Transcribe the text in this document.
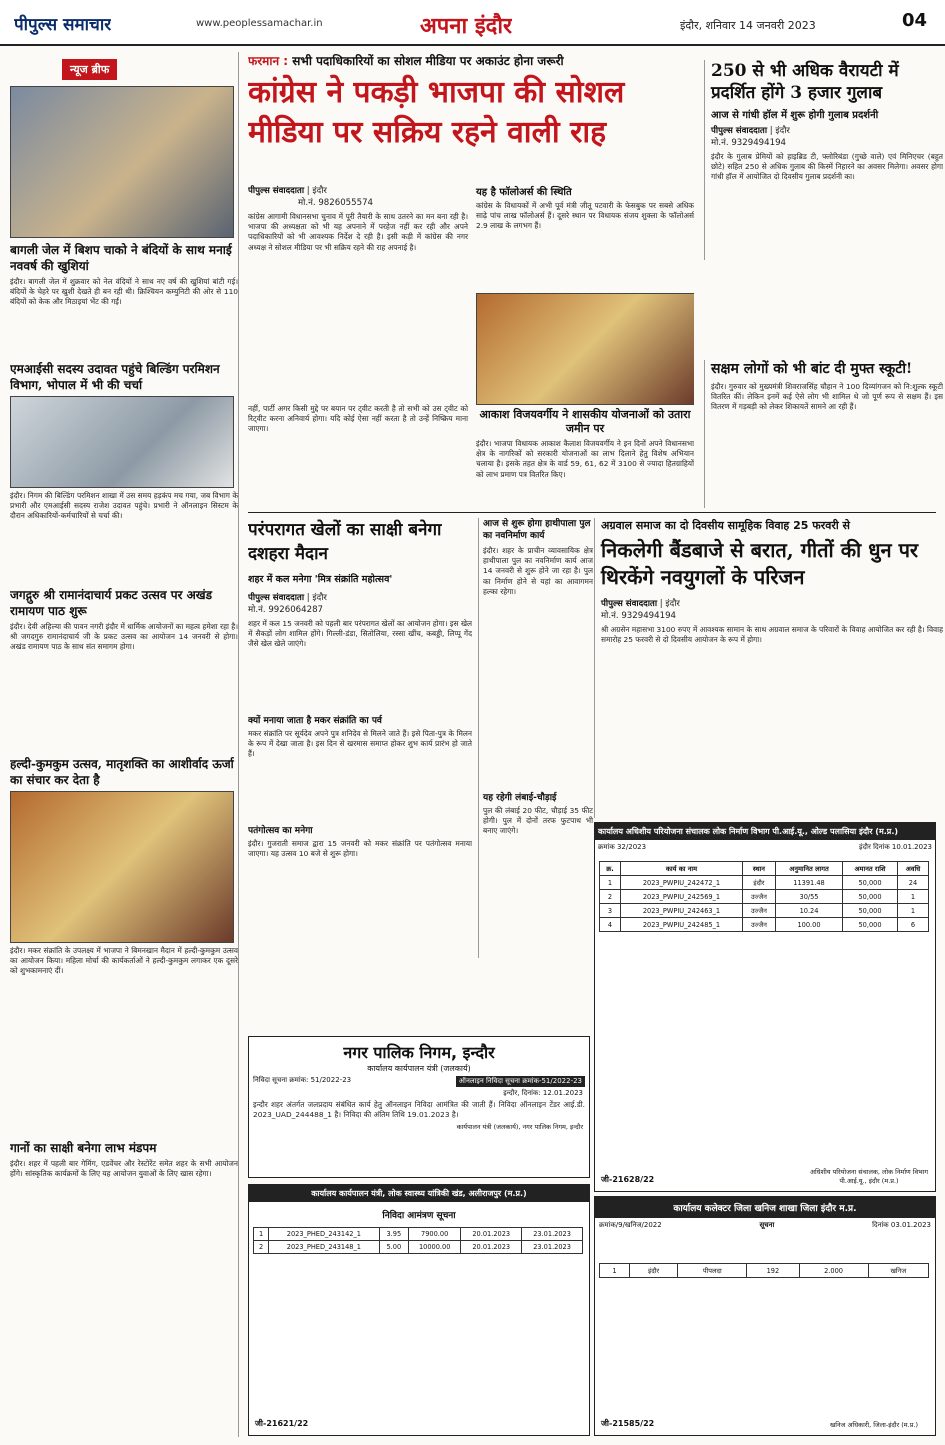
पीपुल्स समाचार	www.peoplessamachar.in	अपना इंदौर	इंदौर, शनिवार 14 जनवरी 2023	04
न्यूज ब्रीफ
बागली जेल में बिशप चाको ने बंदियों के साथ मनाई नववर्ष की खुशियां
इंदौर। बागली जेल में शुक्रवार को नेल वंदियों ने साथ नए वर्ष की खुशियां बांटी गई। बंदियों के चेहरे पर खुशी देखते ही बन रही थी। क्रिश्चियन कम्युनिटी की ओर से 110 बंदियों को केक और मिठाइयां भेंट की गईं।
एमआईसी सदस्य उदावत पहुंचे बिल्डिंग परमिशन विभाग, भोपाल में भी की चर्चा
इंदौर। निगम की बिल्डिंग परमिशन शाखा में उस समय हड़कंप मच गया, जब विभाग के प्रभारी और एमआईसी सदस्य राजेश उदावत पहुंचे। प्रभारी ने ऑनलाइन सिस्टम के दौरान अधिकारियों-कर्मचारियों से चर्चा की।
जगद्गुरु श्री रामानंदाचार्य प्रकट उत्सव पर अखंड रामायण पाठ शुरू
इंदौर। देवी अहिल्या की पावन नगरी इंदौर में धार्मिक आयोजनों का महत्व हमेशा रहा है। श्री जगदगुरु रामानंदाचार्य जी के प्रकट उत्सव का आयोजन 14 जनवरी से होगा। अखंड रामायण पाठ के साथ संत समागम होगा।
हल्दी-कुमकुम उत्सव, मातृशक्ति का आशीर्वाद ऊर्जा का संचार कर देता है
इंदौर। मकर संक्रांति के उपलक्ष्य में भाजपा ने बिमनखान मैदान में हल्दी-कुमकुम उत्सव का आयोजन किया। महिला मोर्चा की कार्यकर्ताओं ने हल्दी-कुमकुम लगाकर एक दूसरे को शुभकामनाएं दीं।
गानों का साक्षी बनेगा लाभ मंडपम
इंदौर। शहर में पहली बार गेमिंग, एडवेंचर और रेस्टोरेंट समेत शहर के सभी आयोजन होंगे। सांस्कृतिक कार्यक्रमों के लिए यह आयोजन युवाओं के लिए खास रहेगा।
फरमान : सभी पदाधिकारियों का सोशल मीडिया पर अकाउंट होना जरूरी
कांग्रेस ने पकड़ी भाजपा की सोशल मीडिया पर सक्रिय रहने वाली राह
पीपुल्स संवाददाता | इंदौर
मो.नं. 9826055574
कांग्रेस आगामी विधानसभा चुनाव में पूरी तैयारी के साथ उतरने का मन बना रही है। भाजपा की अध्यक्षता को भी यह अपनाने में परहेज नहीं कर रही और अपने पदाधिकारियों को भी आवश्यक निर्देश दे रही है। इसी कड़ी में कांग्रेस की नगर अध्यक्ष ने सोशल मीडिया पर भी सक्रिय रहने की राह अपनाई है।
नहीं, पार्टी अगर किसी मुद्दे पर बयान पर ट्वीट करती है तो सभी को उस ट्वीट को रिट्वीट करना अनिवार्य होगा। यदि कोई ऐसा नहीं करता है तो उन्हें निष्क्रिय माना जाएगा।
यह है फॉलोअर्स की स्थिति
कांग्रेस के विधायकों में अभी पूर्व मंत्री जीतू पटवारी के फेसबुक पर सबसे अधिक साढ़े पांच लाख फॉलोअर्स हैं। दूसरे स्थान पर विधायक संजय शुक्ला के फॉलोअर्स 2.9 लाख के लगभग हैं।
आकाश विजयवर्गीय ने शासकीय योजनाओं को उतारा जमीन पर
इंदौर। भाजपा विधायक आकाश कैलाश विजयवर्गीय ने इन दिनों अपने विधानसभा क्षेत्र के नागरिकों को सरकारी योजनाओं का लाभ दिलाने हेतु विशेष अभियान चलाया है। इसके तहत क्षेत्र के वार्ड 59, 61, 62 में 3100 से ज्यादा हितग्राहियों को लाभ प्रमाण पत्र वितरित किए।
250 से भी अधिक वैरायटी में प्रदर्शित होंगे 3 हजार गुलाब
आज से गांधी हॉल में शुरू होगी गुलाब प्रदर्शनी
पीपुल्स संवाददाता | इंदौर
मो.नं. 9329494194
इंदौर के गुलाब प्रेमियों को हाइब्रिड टी, फ्लोरिबंडा (गुच्छे वाले) एवं मिनिएचर (बहुत छोटे) सहित 250 से अधिक गुलाब की किस्में निहारने का अवसर मिलेगा। अवसर होगा गांधी हॉल में आयोजित दो दिवसीय गुलाब प्रदर्शनी का।
सक्षम लोगों को भी बांट दी मुफ्त स्कूटी!
इंदौर। गुरुवार को मुख्यमंत्री शिवराजसिंह चौहान ने 100 दिव्यांगजन को नि:शुल्क स्कूटी वितरित कीं। लेकिन इनमें कई ऐसे लोग भी शामिल थे जो पूर्ण रूप से सक्षम हैं। इस वितरण में गड़बड़ी को लेकर शिकायतें सामने आ रही हैं।
परंपरागत खेलों का साक्षी बनेगा दशहरा मैदान
शहर में कल मनेगा 'मित्र संक्रांति महोत्सव'
पीपुल्स संवाददाता | इंदौर
मो.नं. 9926064287
शहर में कल 15 जनवरी को पहली बार परंपरागत खेलों का आयोजन होगा। इस खेल में सैकड़ों लोग शामिल होंगे। गिल्ली-डंडा, सितोलिया, रस्सा खींच, कबड्डी, लिप्पू गेंद जैसे खेल खेले जाएंगे।
क्यों मनाया जाता है मकर संक्रांति का पर्व
मकर संक्रांति पर सूर्यदेव अपने पुत्र शनिदेव से मिलने जाते हैं। इसे पिता-पुत्र के मिलन के रूप में देखा जाता है। इस दिन से खरमास समाप्त होकर शुभ कार्य प्रारंभ हो जाते हैं।
पतंगोत्सव का मनेगा
इंदौर। गुजराती समाज द्वारा 15 जनवरी को मकर संक्रांति पर पतंगोत्सव मनाया जाएगा। यह उत्सव 10 बजे से शुरू होगा।
आज से शुरू होगा हाथीपाला पुल का नवनिर्माण कार्य
इंदौर। शहर के प्राचीन व्यावसायिक क्षेत्र हाथीपाला पुल का नवनिर्माण कार्य आज 14 जनवरी से शुरू होने जा रहा है। पुल का निर्माण होने से यहां का आवागमन हल्का रहेगा।
यह रहेगी लंबाई-चौड़ाई
पुल की लंबाई 20 फीट, चौड़ाई 35 फीट होगी। पुल में दोनों तरफ फुटपाथ भी बनाए जाएंगे।
अग्रवाल समाज का दो दिवसीय सामूहिक विवाह 25 फरवरी से
निकलेगी बैंडबाजे से बरात, गीतों की धुन पर थिरकेंगे नवयुगलों के परिजन
पीपुल्स संवाददाता | इंदौर
मो.नं. 9329494194
श्री अग्रसेन महासभा 3100 रुपए में आवश्यक सामान के साथ अग्रवाल समाज के परिवारों के विवाह आयोजित कर रही है। विवाह समारोह 25 फरवरी से दो दिवसीय आयोजन के रूप में होगा।
कार्यालय अधिशीय परियोजना संचालक लोक निर्माण विभाग पी.आई.यू., ओल्ड पलासिया इंदौर (म.प्र.)
क्रमांक 32/2023	इंदौर दिनांक 10.01.2023
क्र.	कार्य का नाम	स्थान	अनुमानित लागत	अमानत राशि	अवधि
1	2023_PWPIU_242472_1	इंदौर	11391.48	50,000	24
2	2023_PWPIU_242569_1	उज्जैन	30/55	50,000	1
3	2023_PWPIU_242463_1	उज्जैन	10.24	50,000	1
4	2023_PWPIU_242485_1	उज्जैन	100.00	50,000	6
अधिशीय परियोजना संचालक, लोक निर्माण विभाग पी.आई.यू., इंदौर (म.प्र.)
जी-21628/22
नगर पालिक निगम, इन्दौर
कार्यालय कार्यपालन यंत्री (जलकार्य)
निविदा सूचना क्रमांक: 51/2022-23	ऑनलाइन निविदा सूचना क्रमांक-51/2022-23
इन्दौर, दिनांक: 12.01.2023
इन्दौर शहर अंतर्गत जलप्रदाय संबंधित कार्य हेतु ऑनलाइन निविदा आमंत्रित की जाती हैं। निविदा ऑनलाइन टेंडर आई.डी. 2023_UAD_244488_1 है। निविदा की अंतिम तिथि 19.01.2023 है।
कार्यपालन यंत्री (जलकार्य), नगर पालिक निगम, इन्दौर
कार्यालय कार्यपालन यंत्री, लोक स्वास्थ्य यांत्रिकी खंड, अलीराजपुर (म.प्र.)
निविदा आमंत्रण सूचना
1	2023_PHED_243142_1	3.95	7900.00	20.01.2023	23.01.2023
2	2023_PHED_243148_1	5.00	10000.00	20.01.2023	23.01.2023
जी-21621/22
कार्यालय कलेक्टर जिला खनिज शाखा जिला इंदौर म.प्र.
क्रमांक/9/खनिज/2022	सूचना	दिनांक 03.01.2023
1	इंदौर	पीपलदा	192	2.000	खनिज
खनिज अधिकारी, जिला-इंदौर (म.प्र.)
जी-21585/22
